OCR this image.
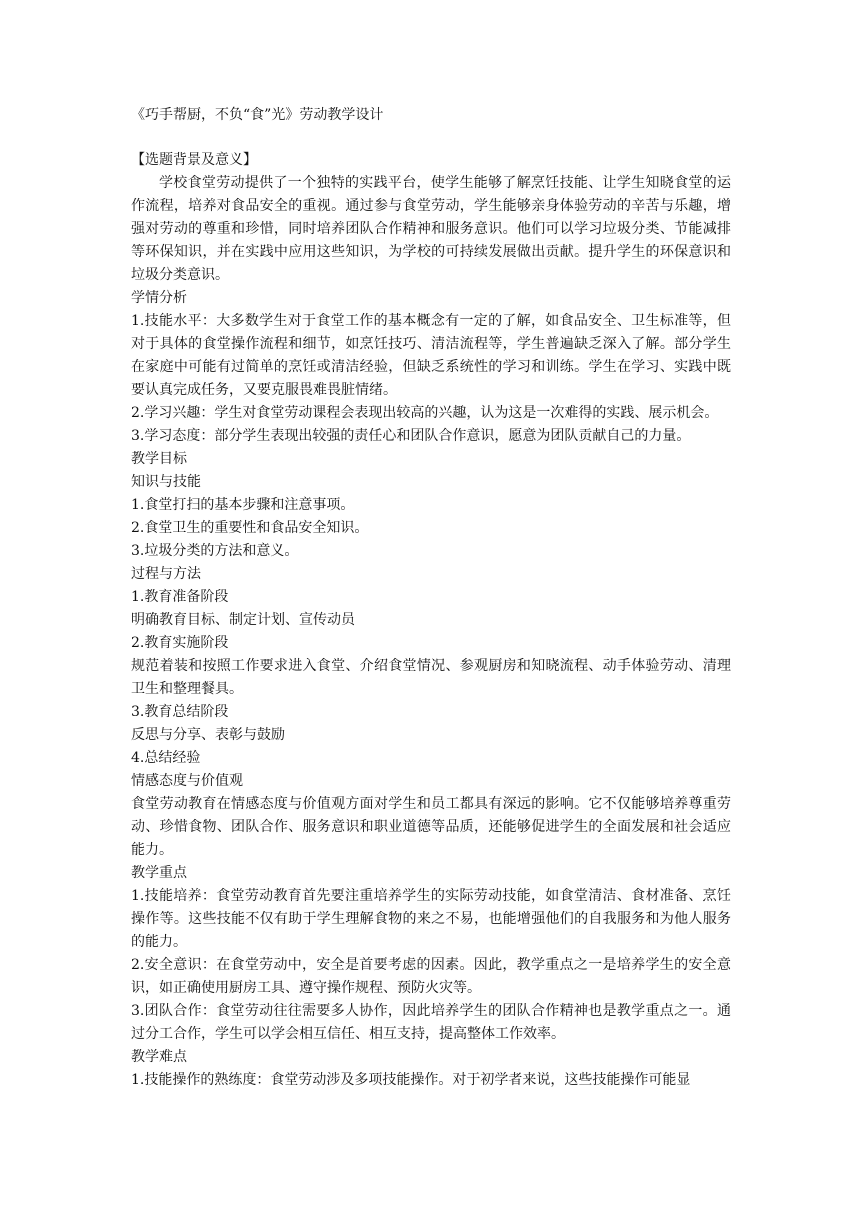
《巧手帮厨，不负“食”光》劳动教学设计

【选题背景及意义】

学校食堂劳动提供了一个独特的实践平台，使学生能够了解烹饪技能、让学生知晓食堂的运作流程，培养对食品安全的重视。通过参与食堂劳动，学生能够亲身体验劳动的辛苦与乐趣，增强对劳动的尊重和珍惜，同时培养团队合作精神和服务意识。他们可以学习垃圾分类、节能减排等环保知识，并在实践中应用这些知识，为学校的可持续发展做出贡献。提升学生的环保意识和垃圾分类意识。

学情分析

1.技能水平：大多数学生对于食堂工作的基本概念有一定的了解，如食品安全、卫生标准等，但对于具体的食堂操作流程和细节，如烹饪技巧、清洁流程等，学生普遍缺乏深入了解。部分学生在家庭中可能有过简单的烹饪或清洁经验，但缺乏系统性的学习和训练。学生在学习、实践中既要认真完成任务，又要克服畏难畏脏情绪。

2.学习兴趣：学生对食堂劳动课程会表现出较高的兴趣，认为这是一次难得的实践、展示机会。

3.学习态度：部分学生表现出较强的责任心和团队合作意识，愿意为团队贡献自己的力量。

教学目标

知识与技能

1.食堂打扫的基本步骤和注意事项。

2.食堂卫生的重要性和食品安全知识。

3.垃圾分类的方法和意义。

过程与方法

1.教育准备阶段

明确教育目标、制定计划、宣传动员

2.教育实施阶段

规范着装和按照工作要求进入食堂、介绍食堂情况、参观厨房和知晓流程、动手体验劳动、清理卫生和整理餐具。

3.教育总结阶段

反思与分享、表彰与鼓励

4.总结经验

情感态度与价值观

食堂劳动教育在情感态度与价值观方面对学生和员工都具有深远的影响。它不仅能够培养尊重劳动、珍惜食物、团队合作、服务意识和职业道德等品质，还能够促进学生的全面发展和社会适应能力。

教学重点

1.技能培养：食堂劳动教育首先要注重培养学生的实际劳动技能，如食堂清洁、食材准备、烹饪操作等。这些技能不仅有助于学生理解食物的来之不易，也能增强他们的自我服务和为他人服务的能力。

2.安全意识：在食堂劳动中，安全是首要考虑的因素。因此，教学重点之一是培养学生的安全意识，如正确使用厨房工具、遵守操作规程、预防火灾等。

3.团队合作：食堂劳动往往需要多人协作，因此培养学生的团队合作精神也是教学重点之一。通过分工合作，学生可以学会相互信任、相互支持，提高整体工作效率。

教学难点

1.技能操作的熟练度：食堂劳动涉及多项技能操作。对于初学者来说，这些技能操作可能显
